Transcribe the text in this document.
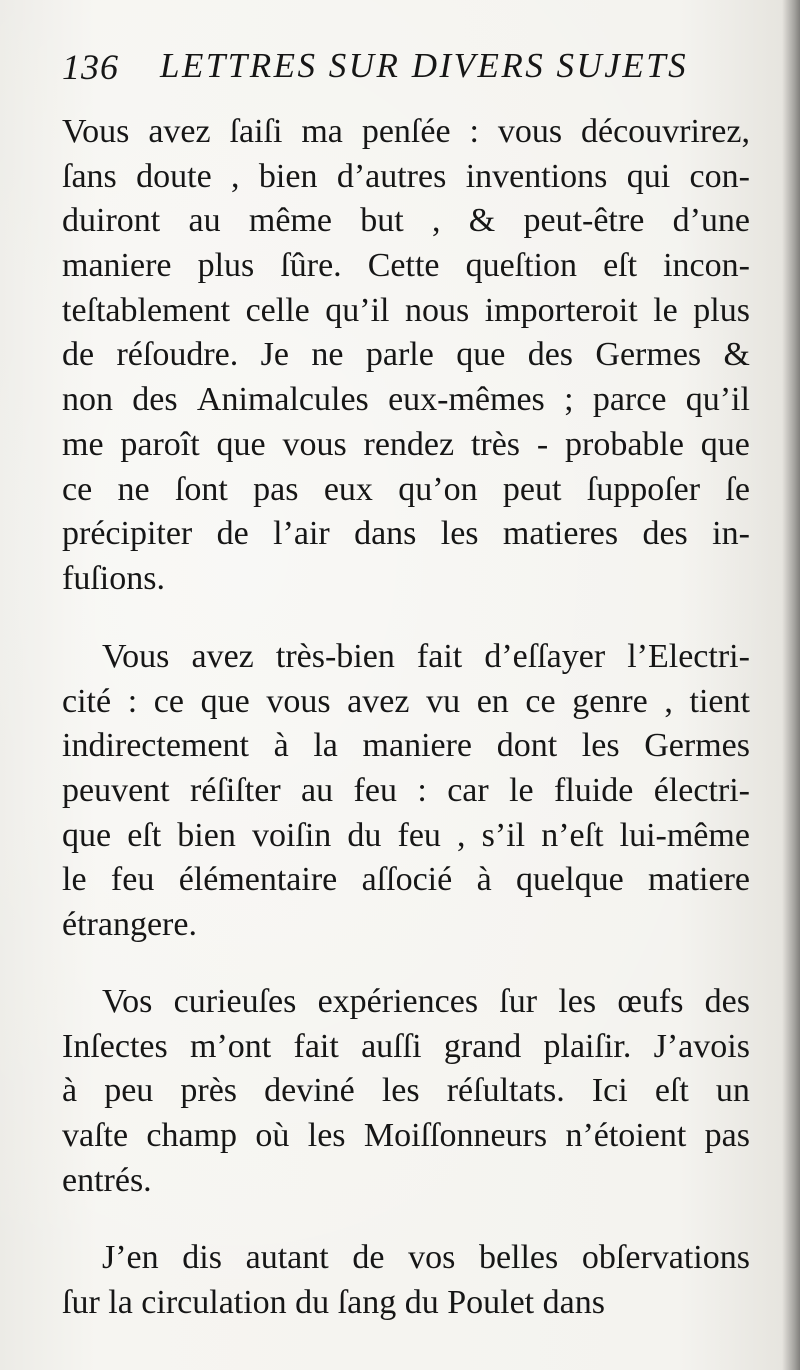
136 LETTRES SUR DIVERS SUJETS
Vous avez ſaiſi ma penſée : vous découvrirez,
ſans doute , bien d’autres inventions qui con-
duiront au même but , & peut-être d’une
maniere plus ſûre. Cette queſtion eſt incon-
teſtablement celle qu’il nous importeroit le plus
de réſoudre. Je ne parle que des Germes &
non des Animalcules eux-mêmes ; parce qu’il
me paroît que vous rendez très - probable que
ce ne ſont pas eux qu’on peut ſuppoſer ſe
précipiter de l’air dans les matieres des in-
fuſions.
Vous avez très-bien fait d’eſſayer l’Electri-
cité : ce que vous avez vu en ce genre , tient
indirectement à la maniere dont les Germes
peuvent réſiſter au feu : car le fluide électri-
que eſt bien voiſin du feu , s’il n’eſt lui-même
le feu élémentaire aſſocié à quelque matiere
étrangere.
Vos curieuſes expériences ſur les œufs des
Inſectes m’ont fait auſſi grand plaiſir. J’avois
à peu près deviné les réſultats. Ici eſt un
vaſte champ où les Moiſſonneurs n’étoient pas
entrés.
J’en dis autant de vos belles obſervations
ſur la circulation du ſang du Poulet dans
